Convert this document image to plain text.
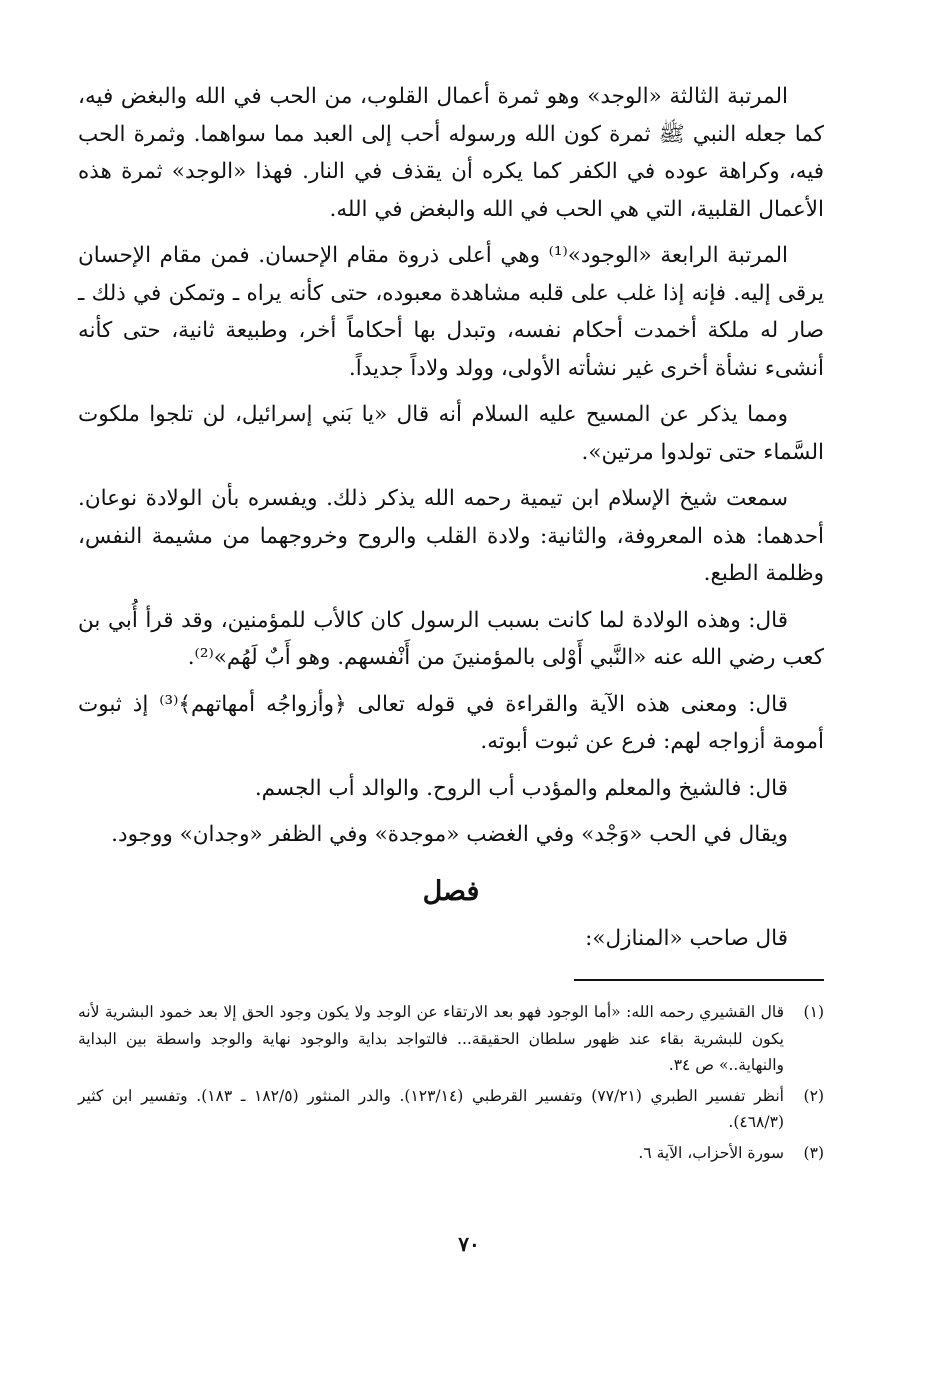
المرتبة الثالثة «الوجد» وهو ثمرة أعمال القلوب، من الحب في الله والبغض فيه، كما جعله النبي ﷺ ثمرة كون الله ورسوله أحب إلى العبد مما سواهما. وثمرة الحب فيه، وكراهة عوده في الكفر كما يكره أن يقذف في النار. فهذا «الوجد» ثمرة هذه الأعمال القلبية، التي هي الحب في الله والبغض في الله.

المرتبة الرابعة «الوجود»⁽¹⁾ وهي أعلى ذروة مقام الإحسان. فمن مقام الإحسان يرقى إليه. فإنه إذا غلب على قلبه مشاهدة معبوده، حتى كأنه يراه ـ وتمكن في ذلك ـ صار له ملكة أخمدت أحكام نفسه، وتبدل بها أحكاماً أخر، وطبيعة ثانية، حتى كأنه أنشىء نشأة أخرى غير نشأته الأولى، وولد ولاداً جديداً.

ومما يذكر عن المسيح عليه السلام أنه قال «يا بَني إسرائيل، لن تلجوا ملكوت السَّماء حتى تولدوا مرتين».

سمعت شيخ الإسلام ابن تيمية رحمه الله يذكر ذلك. ويفسره بأن الولادة نوعان. أحدهما: هذه المعروفة، والثانية: ولادة القلب والروح وخروجهما من مشيمة النفس، وظلمة الطبع.

قال: وهذه الولادة لما كانت بسبب الرسول كان كالأب للمؤمنين، وقد قرأ أُبي بن كعب رضي الله عنه «النَّبي أَوْلى بالمؤمنينَ من أَنْفسهم. وهو أَبٌ لَهُم»⁽²⁾.

قال: ومعنى هذه الآية والقراءة في قوله تعالى ﴿وأزواجُه أمهاتهم﴾⁽³⁾ إذ ثبوت أمومة أزواجه لهم: فرع عن ثبوت أبوته.

قال: فالشيخ والمعلم والمؤدب أب الروح. والوالد أب الجسم.

ويقال في الحب «وَجْد» وفي الغضب «موجدة» وفي الظفر «وجدان» ووجود.

فصل

قال صاحب «المنازل»:

(١)
قال القشيري رحمه الله: «أما الوجود فهو بعد الارتقاء عن الوجد ولا يكون وجود الحق إلا بعد خمود البشرية لأنه يكون للبشرية بقاء عند ظهور سلطان الحقيقة... فالتواجد بداية والوجود نهاية والوجد واسطة بين البداية والنهاية..» ص ٣٤.
(٢)
أنظر تفسير الطبري (٧٧/٢١) وتفسير القرطبي (١٢٣/١٤). والدر المنثور (١٨٢/٥ ـ ١٨٣). وتفسير ابن كثير (٤٦٨/٣).
(٣)
سورة الأحزاب، الآية ٦.
٧٠
